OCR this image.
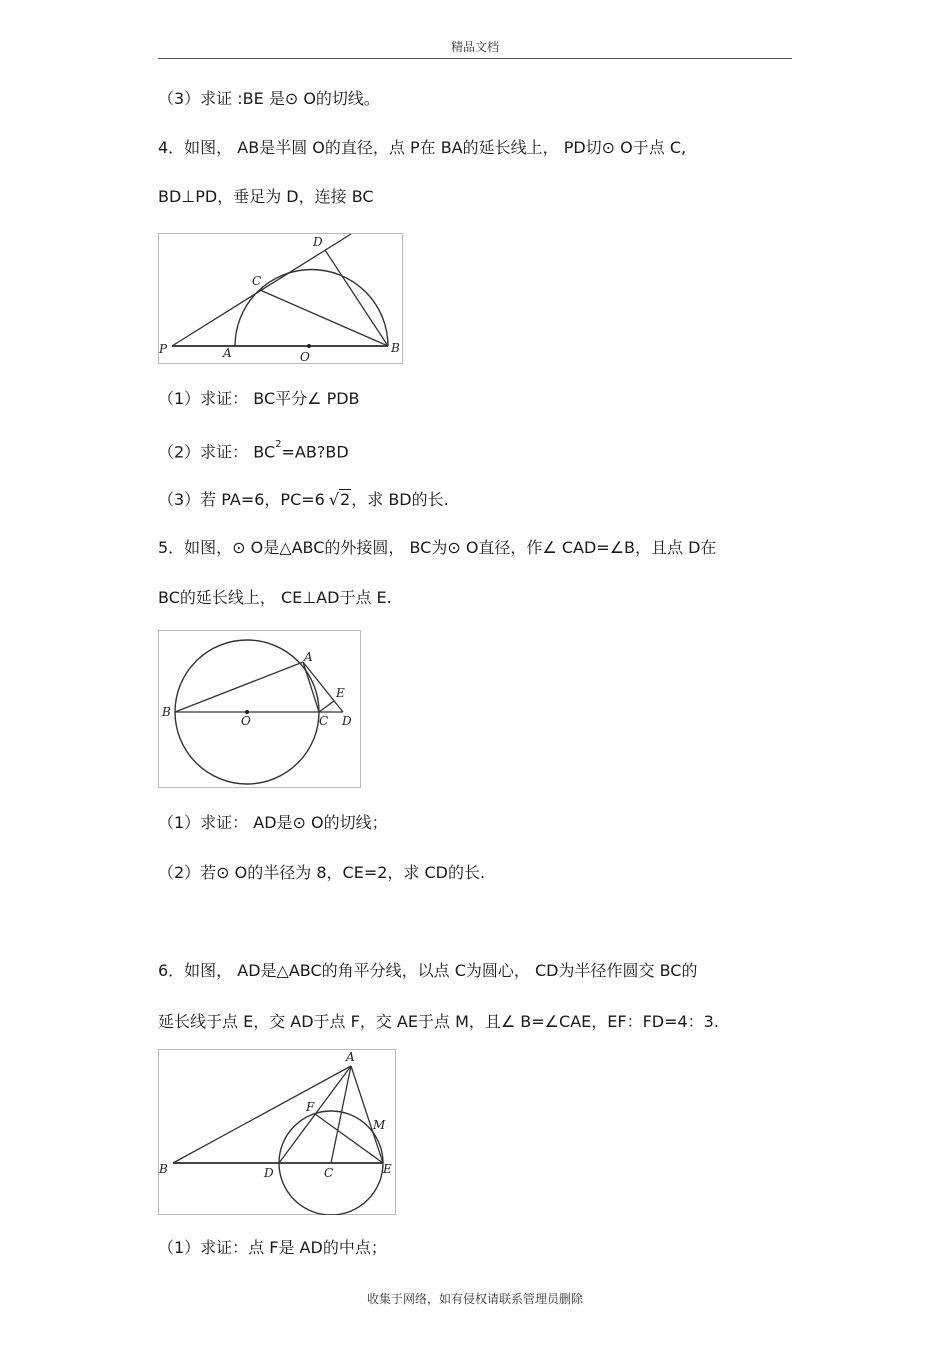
精品文档
（3）求证 :BE 是⊙ O的切线。
4．如图， AB是半圆 O的直径，点 P在 BA的延长线上， PD切⊙ O于点 C,
BD⊥PD，垂足为 D，连接 BC
D
C
P	A	O
B
（1）求证： BC平分∠ PDB
（2）求证： $BC^2=AB?BD$
（3）若 PA=6，PC=6 √2，求 BD的长.
5．如图，⊙ O是△ABC的外接圆， BC为⊙ O直径，作∠ CAD=∠B，且点 D在
BC的延长线上， CE⊥AD于点 E.
A
E
B
O	C D
（1）求证： AD是⊙ O的切线；
（2）若⊙ O的半径为 8，CE=2，求 CD的长.
6．如图， AD是△ABC的角平分线，以点 C为圆心， CD为半径作圆交 BC的
延长线于点 E，交 AD于点 F，交 AE于点 M，且∠ B=∠CAE，EF：FD=4：3.
A
F
M
B	D	C	E
（1）求证：点 F是 AD的中点；
收集于网络，如有侵权请联系管理员删除
